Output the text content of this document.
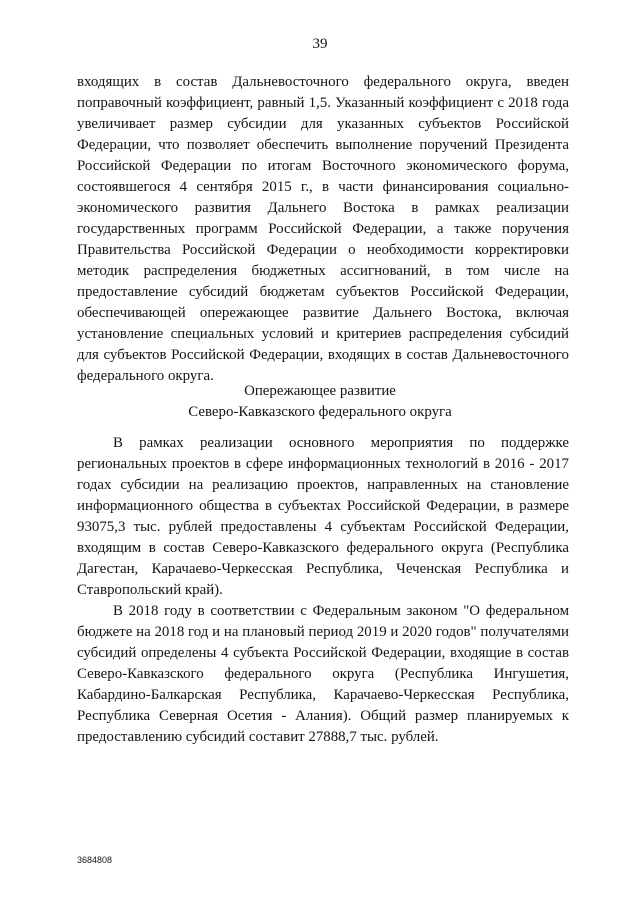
39

входящих в состав Дальневосточного федерального округа, введен поправочный коэффициент, равный 1,5. Указанный коэффициент с 2018 года увеличивает размер субсидии для указанных субъектов Российской Федерации, что позволяет обеспечить выполнение поручений Президента Российской Федерации по итогам Восточного экономического форума, состоявшегося 4 сентября 2015 г., в части финансирования социально-экономического развития Дальнего Востока в рамках реализации государственных программ Российской Федерации, а также поручения Правительства Российской Федерации о необходимости корректировки методик распределения бюджетных ассигнований, в том числе на предоставление субсидий бюджетам субъектов Российской Федерации, обеспечивающей опережающее развитие Дальнего Востока, включая установление специальных условий и критериев распределения субсидий для субъектов Российской Федерации, входящих в состав Дальневосточного федерального округа.

Опережающее развитие
Северо-Кавказского федерального округа

В рамках реализации основного мероприятия по поддержке региональных проектов в сфере информационных технологий в 2016 - 2017 годах субсидии на реализацию проектов, направленных на становление информационного общества в субъектах Российской Федерации, в размере 93075,3 тыс. рублей предоставлены 4 субъектам Российской Федерации, входящим в состав Северо-Кавказского федерального округа (Республика Дагестан, Карачаево-Черкесская Республика, Чеченская Республика и Ставропольский край).

В 2018 году в соответствии с Федеральным законом "О федеральном бюджете на 2018 год и на плановый период 2019 и 2020 годов" получателями субсидий определены 4 субъекта Российской Федерации, входящие в состав Северо-Кавказского федерального округа (Республика Ингушетия, Кабардино-Балкарская Республика, Карачаево-Черкесская Республика, Республика Северная Осетия - Алания). Общий размер планируемых к предоставлению субсидий составит 27888,7 тыс. рублей.

3684808
